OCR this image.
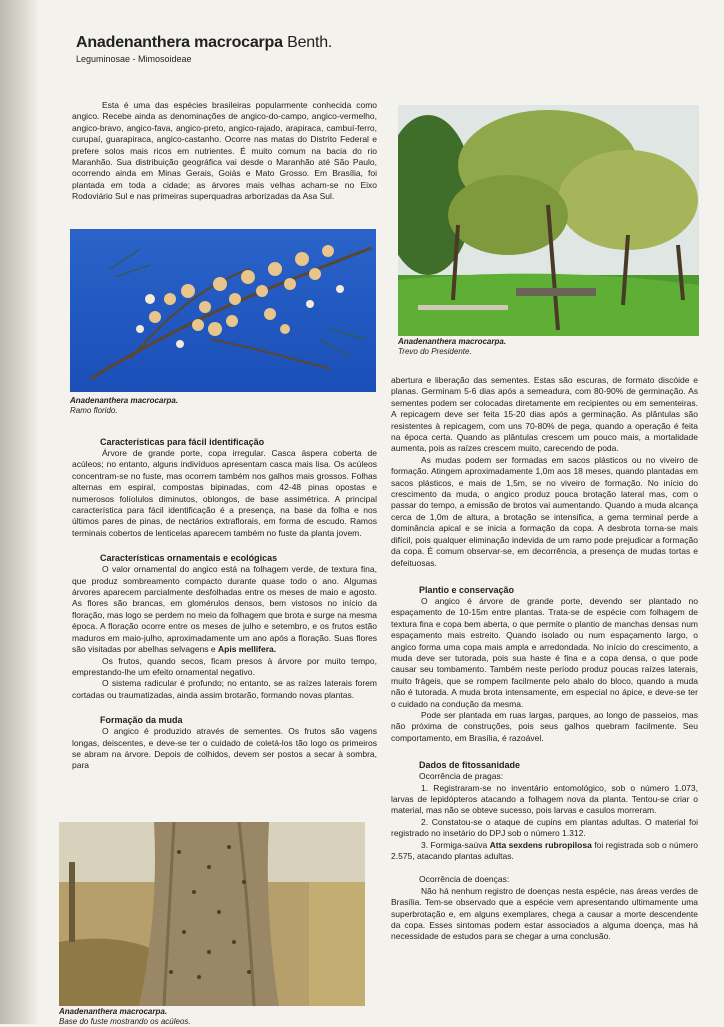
Anadenanthera macrocarpa Benth.
Leguminosae - Mimosoideae

Esta é uma das espécies brasileiras popularmente conhecida como angico. Recebe ainda as denominações de angico-do-campo, angico-vermelho, angico-bravo, angico-fava, angico-preto, angico-rajado, arapiraca, cambuí-ferro, curupaí, guarapiraca, angico-castanho. Ocorre nas matas do Distrito Federal e prefere solos mais ricos em nutrientes. É muito comum na bacia do rio Maranhão. Sua distribuição geográfica vai desde o Maranhão até São Paulo, ocorrendo ainda em Minas Gerais, Goiás e Mato Grosso. Em Brasília, foi plantada em toda a cidade; as árvores mais velhas acham-se no Eixo Rodoviário Sul e nas primeiras superquadras arborizadas da Asa Sul.

Anadenanthera macrocarpa.
Ramo florido.

Características para fácil identificação

Árvore de grande porte, copa irregular. Casca áspera coberta de acúleos; no entanto, alguns indivíduos apresentam casca mais lisa. Os acúleos concentram-se no fuste, mas ocorrem também nos galhos mais grossos. Folhas alternas em espiral, compostas bipinadas, com 42-48 pinas opostas e numerosos folíolulos diminutos, oblongos, de base assimétrica. A principal característica para fácil identificação é a presença, na base da folha e nos últimos pares de pinas, de nectários extraflorais, em forma de escudo. Ramos terminais cobertos de lenticelas aparecem também no fuste da planta jovem.

Características ornamentais e ecológicas

O valor ornamental do angico está na folhagem verde, de textura fina, que produz sombreamento compacto durante quase todo o ano. Algumas árvores aparecem parcialmente desfolhadas entre os meses de maio e agosto. As flores são brancas, em glomérulos densos, bem vistosos no início da floração, mas logo se perdem no meio da folhagem que brota e surge na mesma época. A floração ocorre entre os meses de julho e setembro, e os frutos estão maduros em maio-julho, aproximadamente um ano após a floração. Suas flores são visitadas por abelhas selvagens e Apis mellifera.

Os frutos, quando secos, ficam presos à árvore por muito tempo, emprestando-lhe um efeito ornamental negativo.

O sistema radicular é profundo; no entanto, se as raízes laterais forem cortadas ou traumatizadas, ainda assim brotarão, formando novas plantas.

Formação da muda

O angico é produzido através de sementes. Os frutos são vagens longas, deiscentes, e deve-se ter o cuidado de coletá-los tão logo os primeiros se abram na árvore. Depois de colhidos, devem ser postos a secar à sombra, para

Anadenanthera macrocarpa.
Base do fuste mostrando os acúleos.
Anadenanthera macrocarpa.
Trevo do Presidente.

abertura e liberação das sementes. Estas são escuras, de formato discóide e planas. Germinam 5-6 dias após a semeadura, com 80-90% de germinação. As sementes podem ser colocadas diretamente em recipientes ou em sementeiras. A repicagem deve ser feita 15-20 dias após a germinação. As plântulas são resistentes à repicagem, com uns 70-80% de pega, quando a operação é feita na época certa. Quando as plântulas crescem um pouco mais, a mortalidade aumenta, pois as raízes crescem muito, carecendo de poda.

As mudas podem ser formadas em sacos plásticos ou no viveiro de formação. Atingem aproximadamente 1,0m aos 18 meses, quando plantadas em sacos plásticos, e mais de 1,5m, se no viveiro de formação. No início do crescimento da muda, o angico produz pouca brotação lateral mas, com o passar do tempo, a emissão de brotos vai aumentando. Quando a muda alcança cerca de 1,0m de altura, a brotação se intensifica, a gema terminal perde a dominância apical e se inicia a formação da copa. A desbrota torna-se mais difícil, pois qualquer eliminação indevida de um ramo pode prejudicar a formação da copa. É comum observar-se, em decorrência, a presença de mudas tortas e defeituosas.

Plantio e conservação

O angico é árvore de grande porte, devendo ser plantado no espaçamento de 10-15m entre plantas. Trata-se de espécie com folhagem de textura fina e copa bem aberta, o que permite o plantio de manchas densas num espaçamento mais estreito. Quando isolado ou num espaçamento largo, o angico forma uma copa mais ampla e arredondada. No início do crescimento, a muda deve ser tutorada, pois sua haste é fina e a copa densa, o que pode causar seu tombamento. Também neste período produz poucas raízes laterais, muito frágeis, que se rompem facilmente pelo abalo do bloco, quando a muda não é tutorada. A muda brota intensamente, em especial no ápice, e deve-se ter o cuidado na condução da mesma.

Pode ser plantada em ruas largas, parques, ao longo de passeios, mas não próxima de construções, pois seus galhos quebram facilmente. Seu comportamento, em Brasília, é razoável.

Dados de fitossanidade

Ocorrência de pragas:

1. Registraram-se no inventário entomológico, sob o número 1.073, larvas de lepidópteros atacando a folhagem nova da planta. Tentou-se criar o material, mas não se obteve sucesso, pois larvas e casulos morreram.

2. Constatou-se o ataque de cupins em plantas adultas. O material foi registrado no insetário do DPJ sob o número 1.312.

3. Formiga-saúva Atta sexdens rubropilosa foi registrada sob o número 2.575, atacando plantas adultas.

Ocorrência de doenças:

Não há nenhum registro de doenças nesta espécie, nas áreas verdes de Brasília. Tem-se observado que a espécie vem apresentando ultimamente uma superbrotação e, em alguns exemplares, chega a causar a morte descendente da copa. Esses sintomas podem estar associados a alguma doença, mas há necessidade de estudos para se chegar a uma conclusão.
